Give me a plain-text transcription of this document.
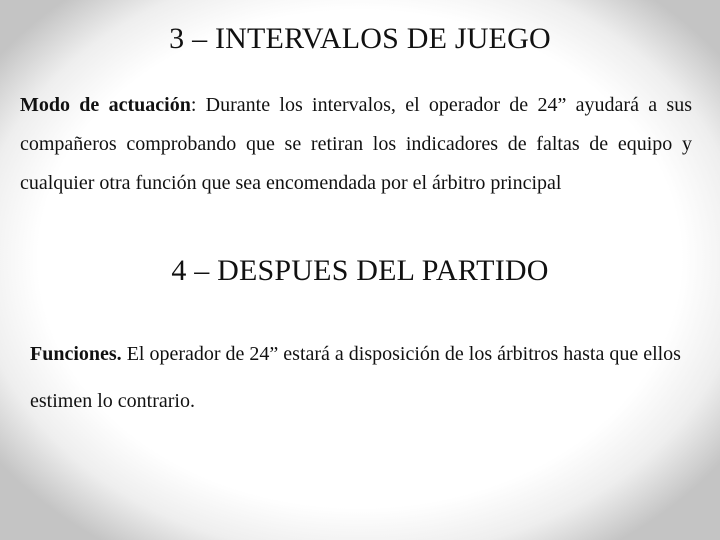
3 – INTERVALOS DE JUEGO

Modo de actuación: Durante los intervalos, el operador de 24” ayudará a sus compañeros comprobando que se retiran los indicadores de faltas de equipo y cualquier otra función que sea encomendada por el árbitro principal

4 – DESPUES DEL PARTIDO

Funciones. El operador de 24” estará a disposición de los árbitros hasta que ellos estimen lo contrario.
